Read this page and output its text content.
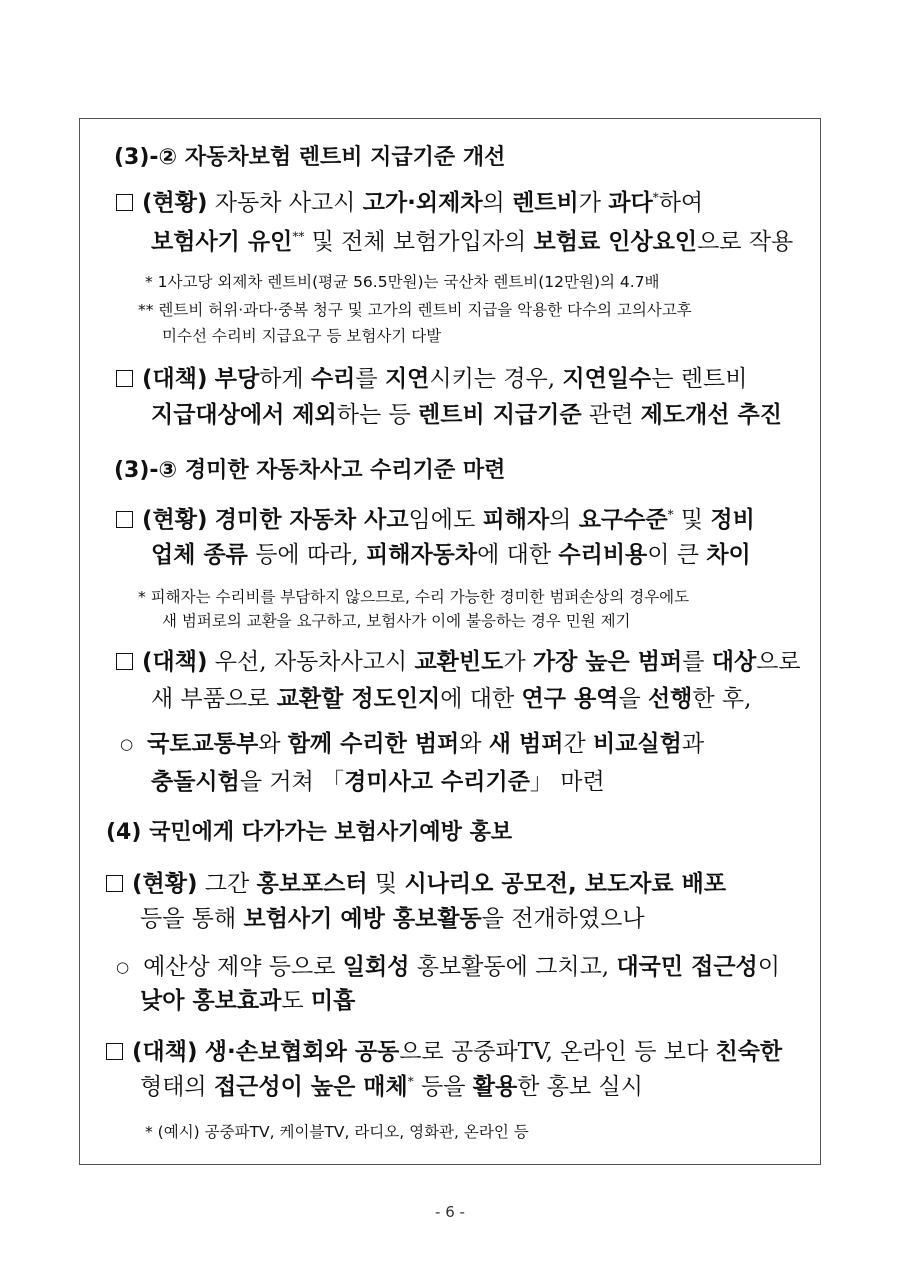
(3)-② 자동차보험 렌트비 지급기준 개선
(현황) 자동차 사고시 고가·외제차의 렌트비가 과다*하여
보험사기 유인** 및 전체 보험가입자의 보험료 인상요인으로 작용
* 1사고당 외제차 렌트비(평균 56.5만원)는 국산차 렌트비(12만원)의 4.7배
** 렌트비 허위·과다·중복 청구 및 고가의 렌트비 지급을 악용한 다수의 고의사고후
미수선 수리비 지급요구 등 보험사기 다발
(대책) 부당하게 수리를 지연시키는 경우, 지연일수는 렌트비
지급대상에서 제외하는 등 렌트비 지급기준 관련 제도개선 추진
(3)-③ 경미한 자동차사고 수리기준 마련
(현황) 경미한 자동차 사고임에도 피해자의 요구수준* 및 정비
업체 종류 등에 따라, 피해자동차에 대한 수리비용이 큰 차이
* 피해자는 수리비를 부담하지 않으므로, 수리 가능한 경미한 범퍼손상의 경우에도
새 범퍼로의 교환을 요구하고, 보험사가 이에 불응하는 경우 민원 제기
(대책) 우선, 자동차사고시 교환빈도가 가장 높은 범퍼를 대상으로
새 부품으로 교환할 정도인지에 대한 연구 용역을 선행한 후,
○ 국토교통부와 함께 수리한 범퍼와 새 범퍼간 비교실험과
충돌시험을 거쳐 「경미사고 수리기준」 마련
(4) 국민에게 다가가는 보험사기예방 홍보
(현황) 그간 홍보포스터 및 시나리오 공모전, 보도자료 배포
등을 통해 보험사기 예방 홍보활동을 전개하였으나
○ 예산상 제약 등으로 일회성 홍보활동에 그치고, 대국민 접근성이
낮아 홍보효과도 미흡
(대책) 생·손보협회와 공동으로 공중파TV, 온라인 등 보다 친숙한
형태의 접근성이 높은 매체* 등을 활용한 홍보 실시
* (예시) 공중파TV, 케이블TV, 라디오, 영화관, 온라인 등
- 6 -
